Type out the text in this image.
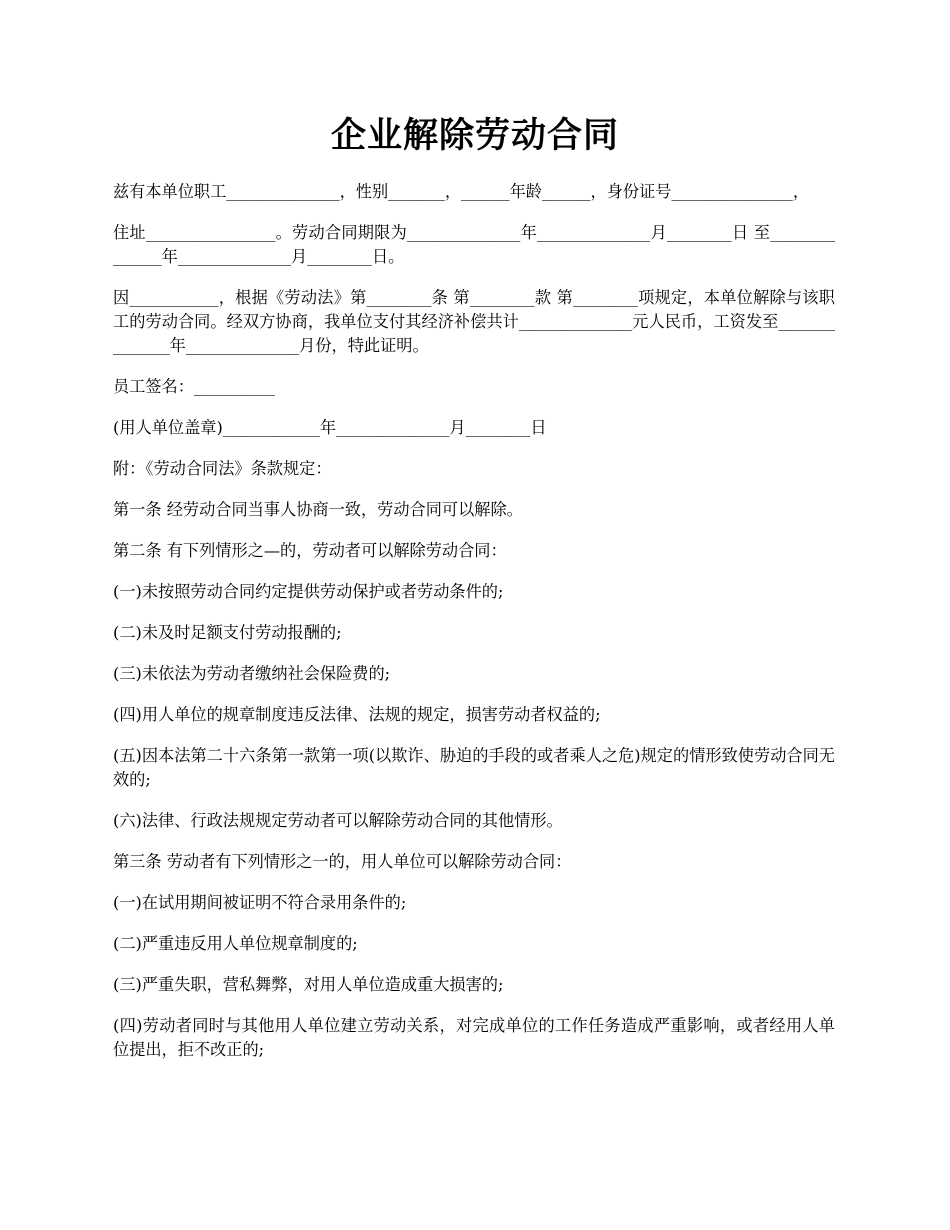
企业解除劳动合同

兹有本单位职工______________，性别_______，______年龄______，身份证号_______________，

住址________________。劳动合同期限为______________年______________月________日 至______________年______________月________日。

因___________，根据《劳动法》第________条 第________款 第________项规定，本单位解除与该职工的劳动合同。经双方协商，我单位支付其经济补偿共计______________元人民币，工资发至______________年______________月份，特此证明。

员工签名：__________

(用人单位盖章)____________年______________月________日

附：《劳动合同法》条款规定：

第一条 经劳动合同当事人协商一致，劳动合同可以解除。

第二条 有下列情形之—的，劳动者可以解除劳动合同：

(一)未按照劳动合同约定提供劳动保护或者劳动条件的;

(二)未及时足额支付劳动报酬的;

(三)未依法为劳动者缴纳社会保险费的;

(四)用人单位的规章制度违反法律、法规的规定，损害劳动者权益的;

(五)因本法第二十六条第一款第一项(以欺诈、胁迫的手段的或者乘人之危)规定的情形致使劳动合同无效的;

(六)法律、行政法规规定劳动者可以解除劳动合同的其他情形。

第三条 劳动者有下列情形之一的，用人单位可以解除劳动合同：

(一)在试用期间被证明不符合录用条件的;

(二)严重违反用人单位规章制度的;

(三)严重失职，营私舞弊，对用人单位造成重大损害的;

(四)劳动者同时与其他用人单位建立劳动关系，对完成单位的工作任务造成严重影响，或者经用人单位提出，拒不改正的;
